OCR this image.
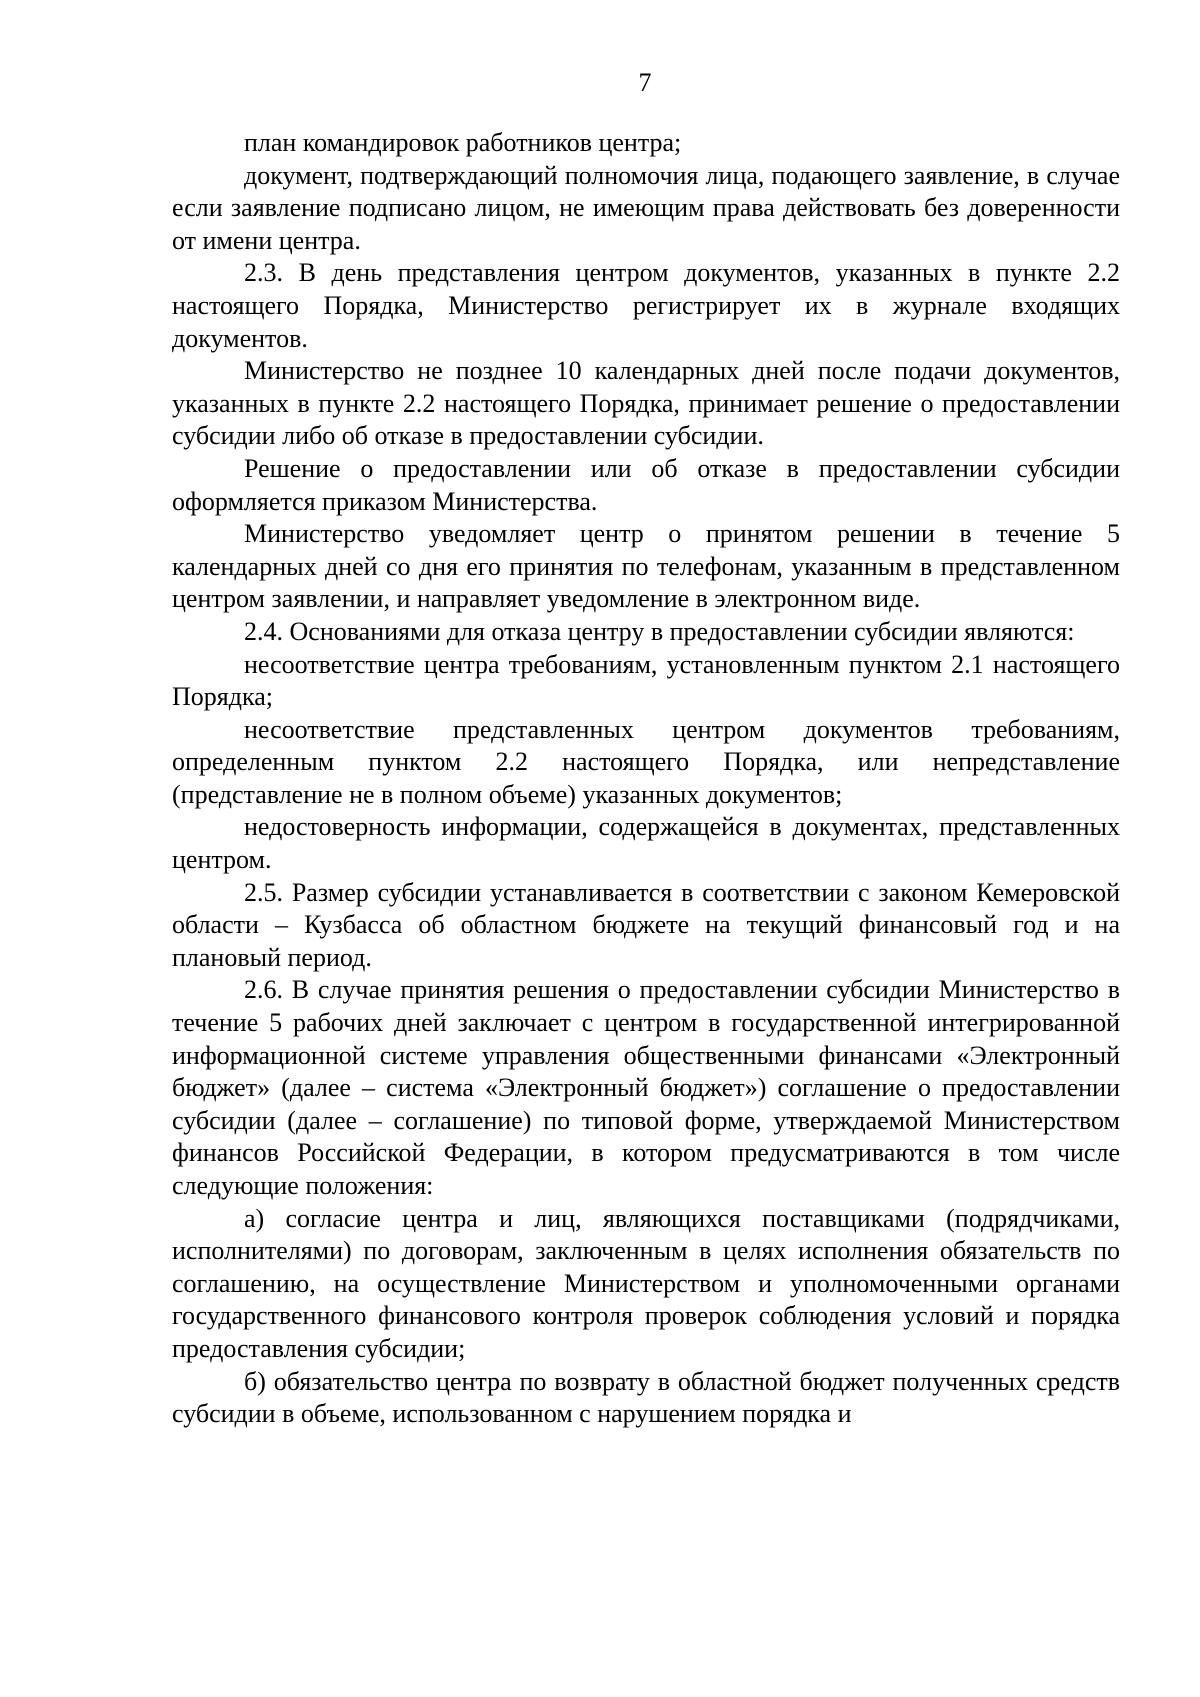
7

план командировок работников центра;

документ, подтверждающий полномочия лица, подающего заявление, в случае если заявление подписано лицом, не имеющим права действовать без доверенности от имени центра.

2.3. В день представления центром документов, указанных в пункте 2.2 настоящего Порядка, Министерство регистрирует их в журнале входящих документов.

Министерство не позднее 10 календарных дней после подачи документов, указанных в пункте 2.2 настоящего Порядка, принимает решение о предоставлении субсидии либо об отказе в предоставлении субсидии.

Решение о предоставлении или об отказе в предоставлении субсидии оформляется приказом Министерства.

Министерство уведомляет центр о принятом решении в течение 5 календарных дней со дня его принятия по телефонам, указанным в представленном центром заявлении, и направляет уведомление в электронном виде.

2.4. Основаниями для отказа центру в предоставлении субсидии являются:

несоответствие центра требованиям, установленным пунктом 2.1 настоящего Порядка;

несоответствие представленных центром документов требованиям, определенным пунктом 2.2 настоящего Порядка, или непредставление (представление не в полном объеме) указанных документов;

недостоверность информации, содержащейся в документах, представленных центром.

2.5. Размер субсидии устанавливается в соответствии с законом Кемеровской области – Кузбасса об областном бюджете на текущий финансовый год и на плановый период.

2.6. В случае принятия решения о предоставлении субсидии Министерство в течение 5 рабочих дней заключает с центром в государственной интегрированной информационной системе управления общественными финансами «Электронный бюджет» (далее – система «Электронный бюджет») соглашение о предоставлении субсидии (далее – соглашение) по типовой форме, утверждаемой Министерством финансов Российской Федерации, в котором предусматриваются в том числе следующие положения:

а) согласие центра и лиц, являющихся поставщиками (подрядчиками, исполнителями) по договорам, заключенным в целях исполнения обязательств по соглашению, на осуществление Министерством и уполномоченными органами государственного финансового контроля проверок соблюдения условий и порядка предоставления субсидии;

б) обязательство центра по возврату в областной бюджет полученных средств субсидии в объеме, использованном с нарушением порядка и
